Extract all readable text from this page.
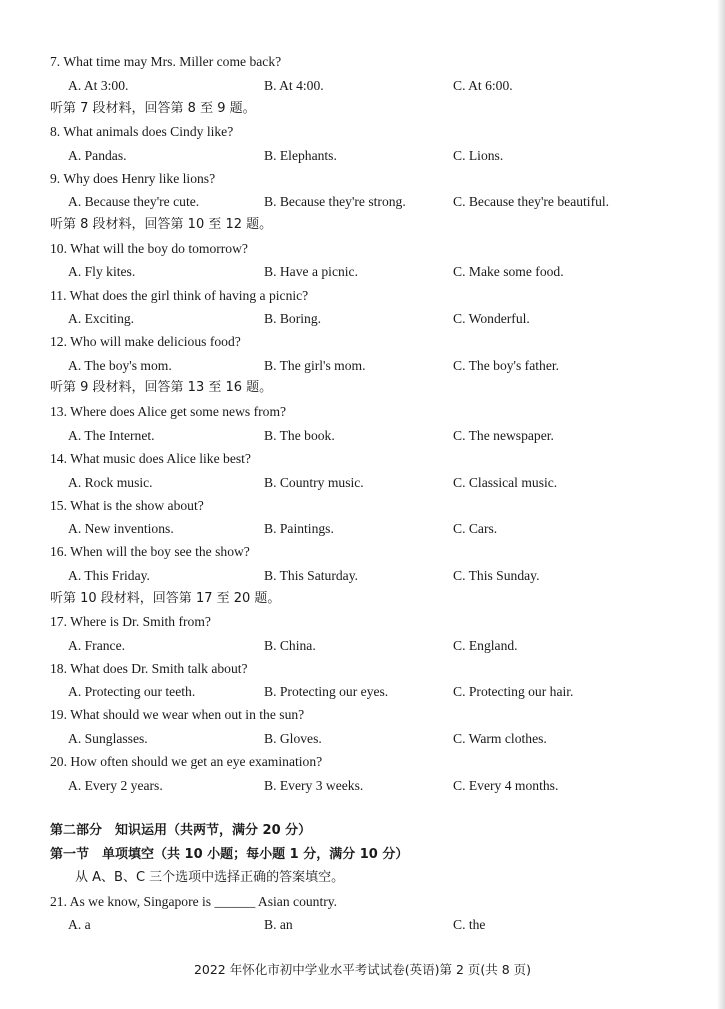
7. What time may Mrs. Miller come back?
A. At 3:00.	B. At 4:00.	C. At 6:00.
听第 7 段材料，回答第 8 至 9 题。
8. What animals does Cindy like?
A. Pandas.	B. Elephants.	C. Lions.
9. Why does Henry like lions?
A. Because they're cute.	B. Because they're strong.	C. Because they're beautiful.
听第 8 段材料，回答第 10 至 12 题。
10. What will the boy do tomorrow?
A. Fly kites.	B. Have a picnic.	C. Make some food.
11. What does the girl think of having a picnic?
A. Exciting.	B. Boring.	C. Wonderful.
12. Who will make delicious food?
A. The boy's mom.	B. The girl's mom.	C. The boy's father.
听第 9 段材料，回答第 13 至 16 题。
13. Where does Alice get some news from?
A. The Internet.	B. The book.	C. The newspaper.
14. What music does Alice like best?
A. Rock music.	B. Country music.	C. Classical music.
15. What is the show about?
A. New inventions.	B. Paintings.	C. Cars.
16. When will the boy see the show?
A. This Friday.	B. This Saturday.	C. This Sunday.
听第 10 段材料，回答第 17 至 20 题。
17. Where is Dr. Smith from?
A. France.	B. China.	C. England.
18. What does Dr. Smith talk about?
A. Protecting our teeth.	B. Protecting our eyes.	C. Protecting our hair.
19. What should we wear when out in the sun?
A. Sunglasses.	B. Gloves.	C. Warm clothes.
20. How often should we get an eye examination?
A. Every 2 years.	B. Every 3 weeks.	C. Every 4 months.
第二部分　知识运用（共两节，满分 20 分）
第一节　单项填空（共 10 小题；每小题 1 分，满分 10 分）
从 A、B、C 三个选项中选择正确的答案填空。
21. As we know, Singapore is ______ Asian country.
A. a	B. an	C. the
2022 年怀化市初中学业水平考试试卷(英语)第 2 页(共 8 页)
